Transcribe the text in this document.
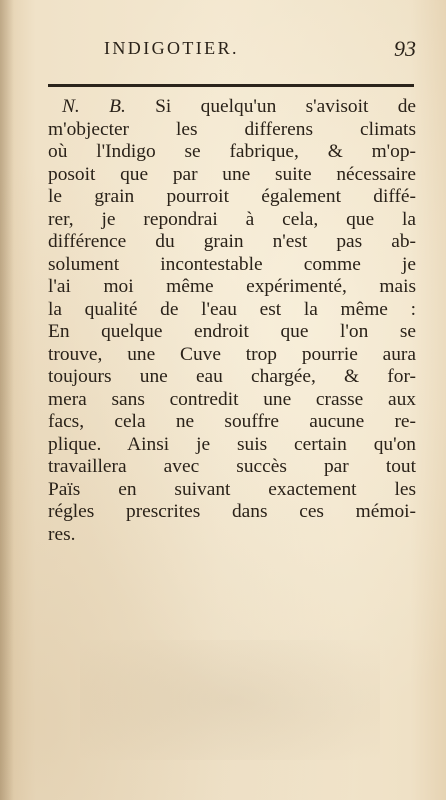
INDIGOTIER.	93
N. B. Si quelqu'un s'avisoit de
m'objecter les differens climats
où l'Indigo se fabrique, & m'op-
posoit que par une suite nécessaire
le grain pourroit également diffé-
rer, je repondrai à cela, que la
différence du grain n'est pas ab-
solument incontestable comme je
l'ai moi même expérimenté, mais
la qualité de l'eau est la même :
En quelque endroit que l'on se
trouve, une Cuve trop pourrie aura
toujours une eau chargée, & for-
mera sans contredit une crasse aux
facs, cela ne souffre aucune re-
plique. Ainsi je suis certain qu'on
travaillera avec succès par tout
Païs en suivant exactement les
régles prescrites dans ces mémoi-
res.
